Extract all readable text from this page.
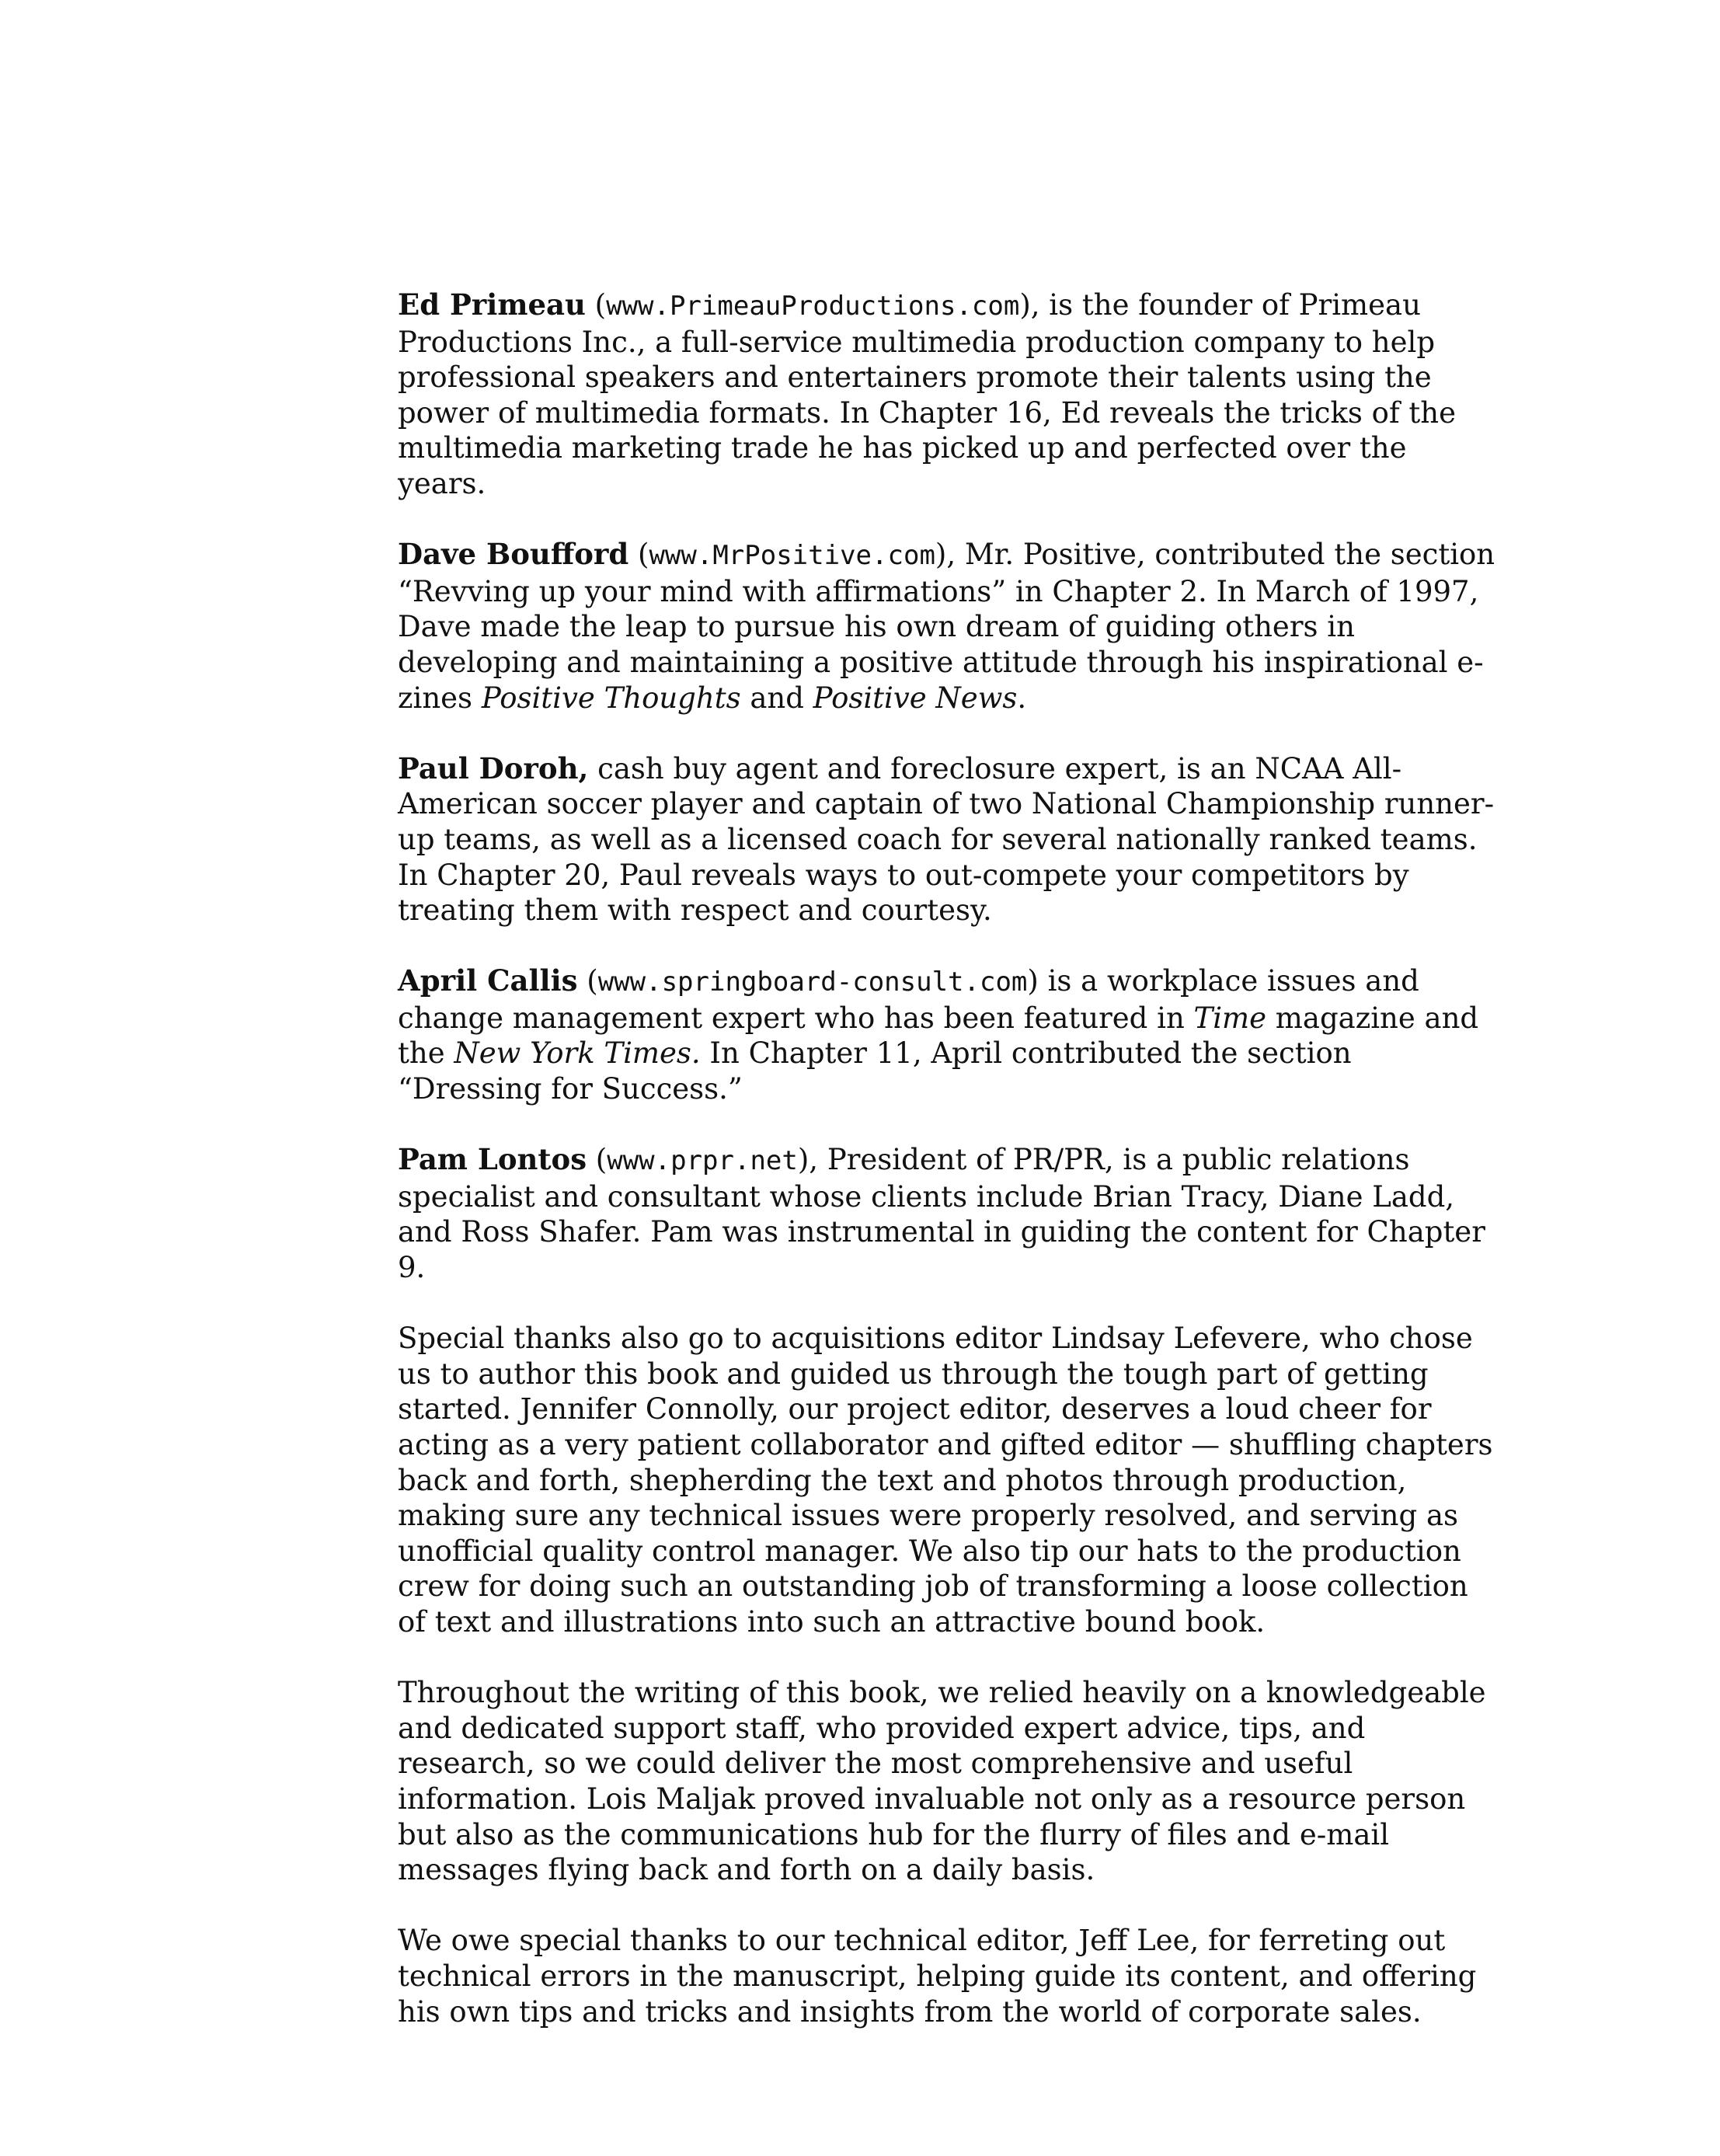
Ed Primeau (www.PrimeauProductions.com), is the founder of Primeau Productions Inc., a full-service multimedia production company to help professional speakers and entertainers promote their talents using the power of multimedia formats. In Chapter 16, Ed reveals the tricks of the multimedia marketing trade he has picked up and perfected over the years.

Dave Boufford (www.MrPositive.com), Mr. Positive, contributed the section “Revving up your mind with affirmations” in Chapter 2. In March of 1997, Dave made the leap to pursue his own dream of guiding others in developing and maintaining a positive attitude through his inspirational e-zines Positive Thoughts and Positive News.

Paul Doroh, cash buy agent and foreclosure expert, is an NCAA All-American soccer player and captain of two National Championship runner-up teams, as well as a licensed coach for several nationally ranked teams. In Chapter 20, Paul reveals ways to out-compete your competitors by treating them with respect and courtesy.

April Callis (www.springboard-consult.com) is a workplace issues and change management expert who has been featured in Time magazine and the New York Times. In Chapter 11, April contributed the section “Dressing for Success.”

Pam Lontos (www.prpr.net), President of PR/PR, is a public relations specialist and consultant whose clients include Brian Tracy, Diane Ladd, and Ross Shafer. Pam was instrumental in guiding the content for Chapter 9.

Special thanks also go to acquisitions editor Lindsay Lefevere, who chose us to author this book and guided us through the tough part of getting started. Jennifer Connolly, our project editor, deserves a loud cheer for acting as a very patient collaborator and gifted editor — shuffling chapters back and forth, shepherding the text and photos through production, making sure any technical issues were properly resolved, and serving as unofficial quality control manager. We also tip our hats to the production crew for doing such an outstanding job of transforming a loose collection of text and illustrations into such an attractive bound book.

Throughout the writing of this book, we relied heavily on a knowledgeable and dedicated support staff, who provided expert advice, tips, and research, so we could deliver the most comprehensive and useful information. Lois Maljak proved invaluable not only as a resource person but also as the communications hub for the flurry of files and e-mail messages flying back and forth on a daily basis.

We owe special thanks to our technical editor, Jeff Lee, for ferreting out technical errors in the manuscript, helping guide its content, and offering his own tips and tricks and insights from the world of corporate sales.
